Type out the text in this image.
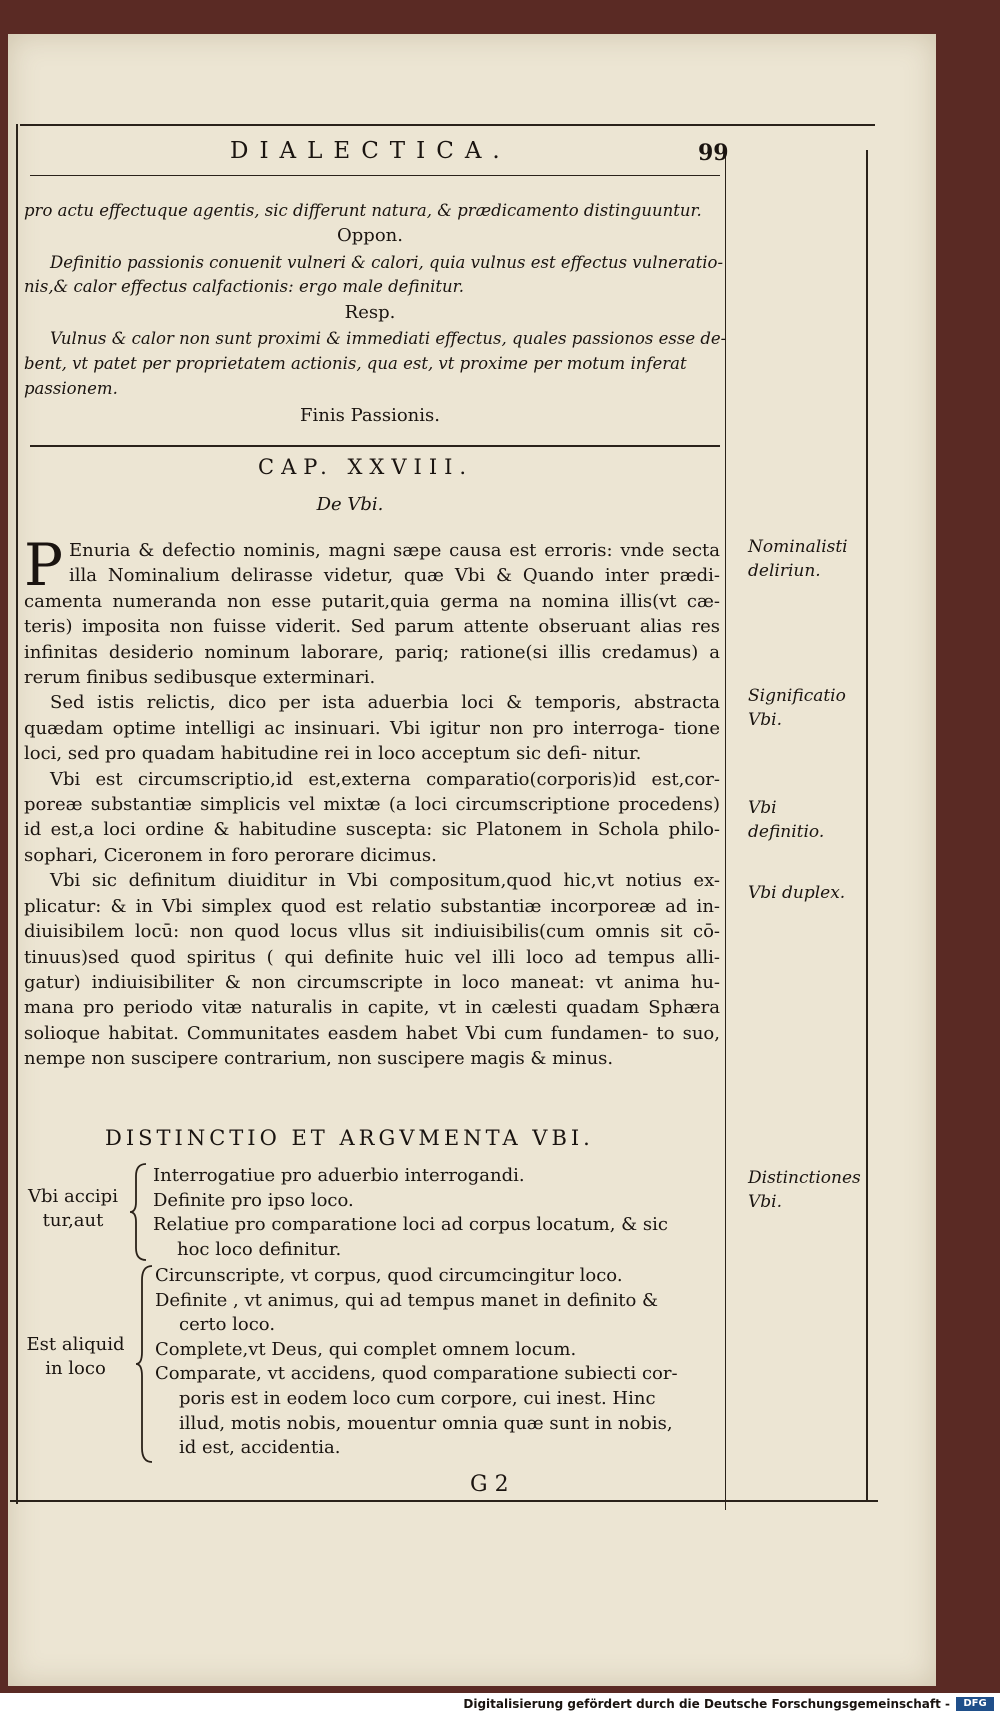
DIALECTICA.	99
pro actu effectuque agentis, sic differunt natura, & prædicamento distinguuntur.
Oppon.
Definitio passionis conuenit vulneri & calori, quia vulnus est effectus vulneratio-
nis,& calor effectus calfactionis: ergo male definitur.
Resp.
Vulnus & calor non sunt proximi & immediati effectus, quales passionos esse de-
bent, vt patet per proprietatem actionis, qua est, vt proxime per motum inferat
passionem.
Finis Passionis.
CAP. XXVIII.
De Vbi.

P Enuria & defectio nominis, magni sæpe causa est erroris: vnde secta illa Nominalium delirasse videtur, quæ Vbi & Quando inter prædi- camenta numeranda non esse putarit,quia germa na nomina illis(vt cæ- teris) imposita non fuisse viderit. Sed parum attente obseruant alias res infinitas desiderio nominum laborare, pariq; ratione(si illis credamus) a rerum finibus sedibusque exterminari.

Sed istis relictis, dico per ista aduerbia loci & temporis, abstracta quædam optime intelligi ac insinuari. Vbi igitur non pro interroga- tione loci, sed pro quadam habitudine rei in loco acceptum sic defi- nitur.

Vbi est circumscriptio,id est,externa comparatio(corporis)id est,cor- poreæ substantiæ simplicis vel mixtæ (a loci circumscriptione procedens) id est,a loci ordine & habitudine suscepta: sic Platonem in Schola philo- sophari, Ciceronem in foro perorare dicimus.

Vbi sic definitum diuiditur in Vbi compositum,quod hic,vt notius ex- plicatur: & in Vbi simplex quod est relatio substantiæ incorporeæ ad in- diuisibilem locū: non quod locus vllus sit indiuisibilis(cum omnis sit cō- tinuus)sed quod spiritus ( qui definite huic vel illi loco ad tempus alli- gatur) indiuisibiliter & non circumscripte in loco maneat: vt anima hu- mana pro periodo vitæ naturalis in capite, vt in cælesti quadam Sphæra solioque habitat. Communitates easdem habet Vbi cum fundamen- to suo, nempe non suscipere contrarium, non suscipere magis & minus.

DISTINCTIO ET ARGVMENTA VBI.
Vbi accipi
tur,aut
Interrogatiue pro aduerbio interrogandi.
Definite pro ipso loco.
Relatiue pro comparatione loci ad corpus locatum, & sic
hoc loco definitur.
Est aliquid
in loco
Circunscripte, vt corpus, quod circumcingitur loco.
Definite , vt animus, qui ad tempus manet in definito &
certo loco.
Complete,vt Deus, qui complet omnem locum.
Comparate, vt accidens, quod comparatione subiecti cor-
poris est in eodem loco cum corpore, cui inest. Hinc
illud, motis nobis, mouentur omnia quæ sunt in nobis,
id est, accidentia.
G 2
Nominalisti deliriun.
Significatio Vbi.
Vbi definitio.
Vbi duplex.
Distinctiones Vbi.
Digitalisierung gefördert durch die Deutsche Forschungsgemeinschaft -	DFG
